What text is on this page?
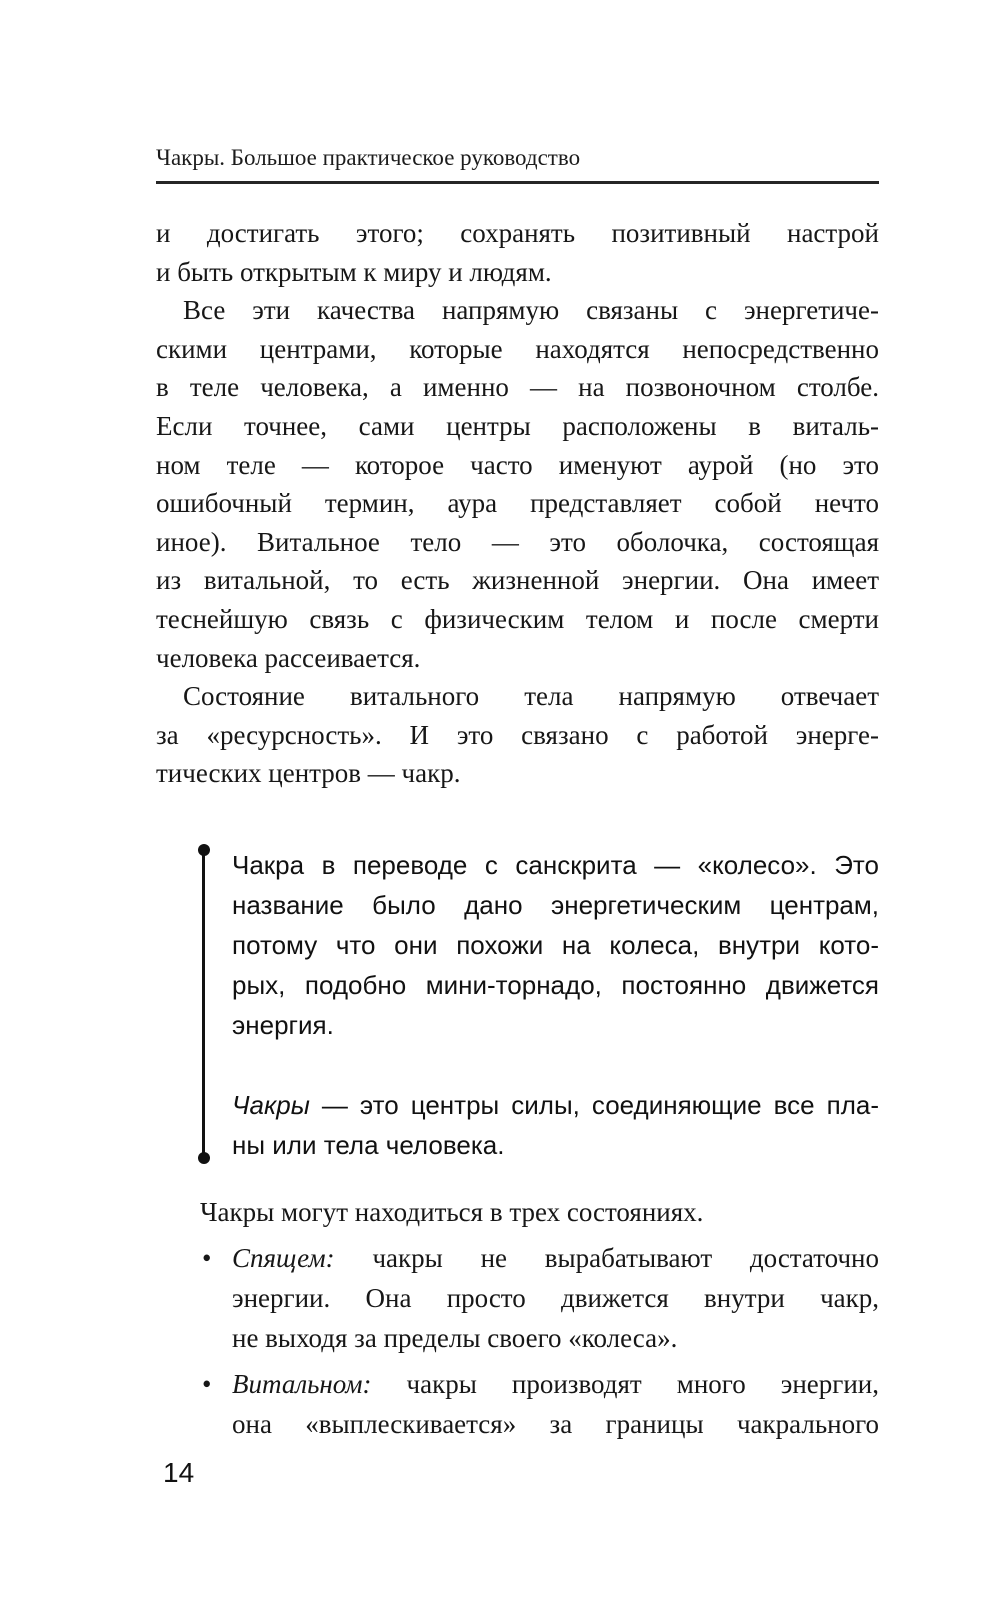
Чакры. Большое практическое руководство
и достигать этого; сохранять позитивный настрой
и быть открытым к миру и людям.
Все эти качества напрямую связаны с энергетиче-
скими центрами, которые находятся непосредственно
в теле человека, а именно — на позвоночном столбе.
Если точнее, сами центры расположены в виталь-
ном теле — которое часто именуют аурой (но это
ошибочный термин, аура представляет собой нечто
иное). Витальное тело — это оболочка, состоящая
из витальной, то есть жизненной энергии. Она имеет
теснейшую связь с физическим телом и после смерти
человека рассеивается.
Состояние витального тела напрямую отвечает
за «ресурсность». И это связано с работой энерге-
тических центров — чакр.
Чакра в переводе с санскрита — «колесо». Это
название было дано энергетическим центрам,
потому что они похожи на колеса, внутри кото-
рых, подобно мини-торнадо, постоянно движется
энергия.
Чакры — это центры силы, соединяющие все пла-
ны или тела человека.
Чакры могут находиться в трех состояниях.
• Спящем: чакры не вырабатывают достаточно
энергии. Она просто движется внутри чакр,
не выходя за пределы своего «колеса».
• Витальном: чакры производят много энергии,
она «выплескивается» за границы чакрального
14
